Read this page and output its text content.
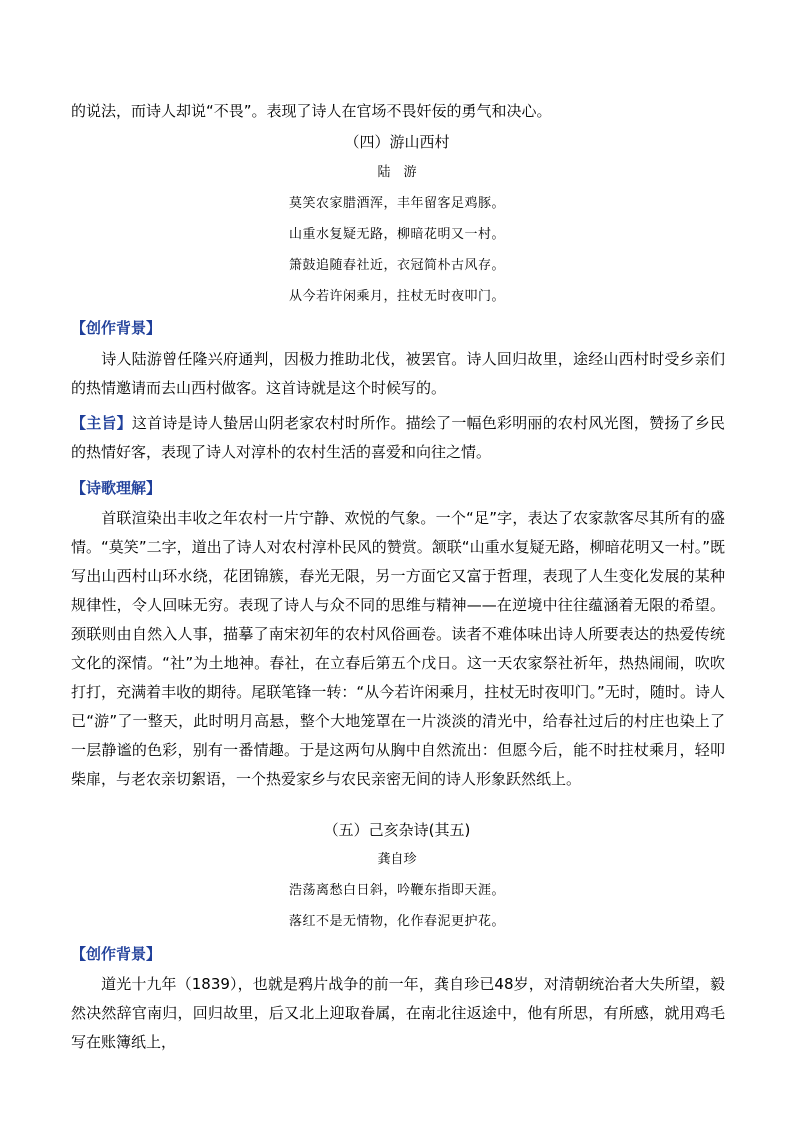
的说法，而诗人却说“不畏”。表现了诗人在官场不畏奸佞的勇气和决心。
（四）游山西村
陆　游
莫笑农家腊酒浑，丰年留客足鸡豚。
山重水复疑无路，柳暗花明又一村。
箫鼓追随春社近，衣冠简朴古风存。
从今若许闲乘月，拄杖无时夜叩门。
【创作背景】
诗人陆游曾任隆兴府通判，因极力推助北伐，被罢官。诗人回归故里，途经山西村时受乡亲们的热情邀请而去山西村做客。这首诗就是这个时候写的。
【主旨】这首诗是诗人蛰居山阴老家农村时所作。描绘了一幅色彩明丽的农村风光图，赞扬了乡民的热情好客，表现了诗人对淳朴的农村生活的喜爱和向往之情。
【诗歌理解】
首联渲染出丰收之年农村一片宁静、欢悦的气象。一个“足”字，表达了农家款客尽其所有的盛情。“莫笑”二字，道出了诗人对农村淳朴民风的赞赏。颔联“山重水复疑无路，柳暗花明又一村。”既写出山西村山环水绕，花团锦簇，春光无限，另一方面它又富于哲理，表现了人生变化发展的某种规律性，令人回味无穷。表现了诗人与众不同的思维与精神——在逆境中往往蕴涵着无限的希望。颈联则由自然入人事，描摹了南宋初年的农村风俗画卷。读者不难体味出诗人所要表达的热爱传统文化的深情。“社”为土地神。春社，在立春后第五个戊日。这一天农家祭社祈年，热热闹闹，吹吹打打，充满着丰收的期待。尾联笔锋一转：“从今若许闲乘月，拄杖无时夜叩门。”无时，随时。诗人已“游”了一整天，此时明月高悬，整个大地笼罩在一片淡淡的清光中，给春社过后的村庄也染上了一层静谧的色彩，别有一番情趣。于是这两句从胸中自然流出：但愿今后，能不时拄杖乘月，轻叩柴扉，与老农亲切絮语，一个热爱家乡与农民亲密无间的诗人形象跃然纸上。
（五）己亥杂诗(其五)
龚自珍
浩荡离愁白日斜，吟鞭东指即天涯。
落红不是无情物，化作春泥更护花。
【创作背景】
道光十九年（1839），也就是鸦片战争的前一年，龚自珍已48岁，对清朝统治者大失所望，毅然决然辞官南归，回归故里，后又北上迎取眷属，在南北往返途中，他有所思，有所感，就用鸡毛写在账簿纸上，
